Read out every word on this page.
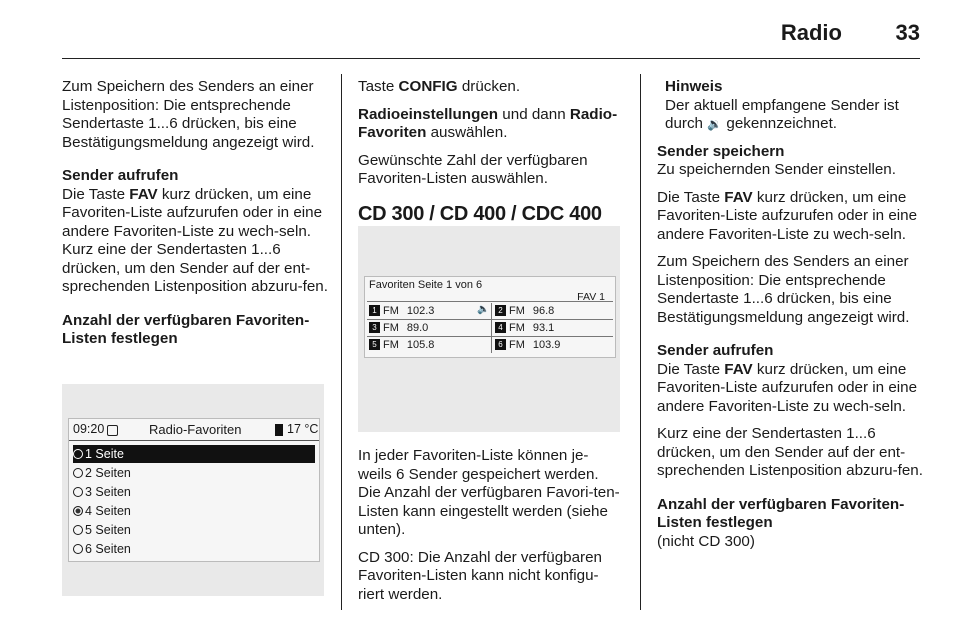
Radio 33

Zum Speichern des Senders an einer Listenposition: Die entsprechende Sendertaste 1...6 drücken, bis eine Bestätigungsmeldung angezeigt wird.

Sender aufrufen
Die Taste FAV kurz drücken, um eine Favoriten-Liste aufzurufen oder in eine andere Favoriten-Liste zu wech-seln. Kurz eine der Sendertasten 1...6 drücken, um den Sender auf der ent-sprechenden Listenposition abzuru-fen.

Anzahl der verfügbaren Favoriten-Listen festlegen

09:20	Radio-Favoriten	17 °C
1 Seite
2 Seiten
3 Seiten
4 Seiten
5 Seiten
6 Seiten

Taste CONFIG drücken.

Radioeinstellungen und dann Radio-Favoriten auswählen.

Gewünschte Zahl der verfügbaren Favoriten-Listen auswählen.

CD 300 / CD 400 / CDC 400

In jeder Favoriten-Liste können je-weils 6 Sender gespeichert werden. Die Anzahl der verfügbaren Favori-ten-Listen kann eingestellt werden (siehe unten).

CD 300: Die Anzahl der verfügbaren Favoriten-Listen kann nicht konfigu-riert werden.

Favoriten Seite 1 von 6
FAV 1
🔈
1 FM 102.3	2 FM 96.8
3 FM 89.0	4 FM 93.1
5 FM 105.8	6 FM 103.9
Hinweis
Der aktuell empfangene Sender ist durch 🔉 gekennzeichnet.

Sender speichern
Zu speichernden Sender einstellen.

Die Taste FAV kurz drücken, um eine Favoriten-Liste aufzurufen oder in eine andere Favoriten-Liste zu wech-seln.

Zum Speichern des Senders an einer Listenposition: Die entsprechende Sendertaste 1...6 drücken, bis eine Bestätigungsmeldung angezeigt wird.

Sender aufrufen
Die Taste FAV kurz drücken, um eine Favoriten-Liste aufzurufen oder in eine andere Favoriten-Liste zu wech-seln.

Kurz eine der Sendertasten 1...6 drücken, um den Sender auf der ent-sprechenden Listenposition abzuru-fen.

Anzahl der verfügbaren Favoriten-Listen festlegen
(nicht CD 300)
